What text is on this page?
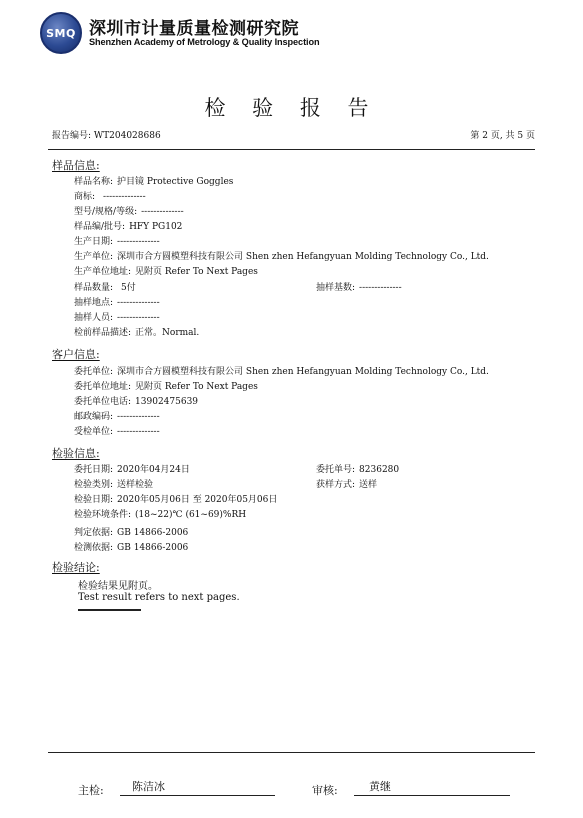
SMQ 深圳市计量质量检测研究院
Shenzhen Academy of Metrology & Quality Inspection
检 验 报 告
报告编号: WT204028686	第 2 页, 共 5 页
样品信息:
样品名称: 护目镜 Protective Goggles
商标: --------------
型号/规格/等级: --------------
样品编/批号: HFY PG102
生产日期: --------------
生产单位: 深圳市合方圆模塑科技有限公司 Shen zhen Hefangyuan Molding Technology Co., Ltd.
生产单位地址: 见附页 Refer To Next Pages
样品数量: 5付	抽样基数: --------------
抽样地点: --------------
抽样人员: --------------
检前样品描述: 正常。Normal.
客户信息:
委托单位: 深圳市合方圆模塑科技有限公司 Shen zhen Hefangyuan Molding Technology Co., Ltd.
委托单位地址: 见附页 Refer To Next Pages
委托单位电话: 13902475639
邮政编码: --------------
受检单位: --------------
检验信息:
委托日期: 2020年04月24日	委托单号: 8236280
检验类别: 送样检验	获样方式: 送样
检验日期: 2020年05月06日 至 2020年05月06日
检验环境条件: (18~22)℃ (61~69)%RH
判定依据: GB 14866-2006
检测依据: GB 14866-2006
检验结论:
检验结果见附页。
Test result refers to next pages.
主检:	陈洁冰	审核:	黄继
